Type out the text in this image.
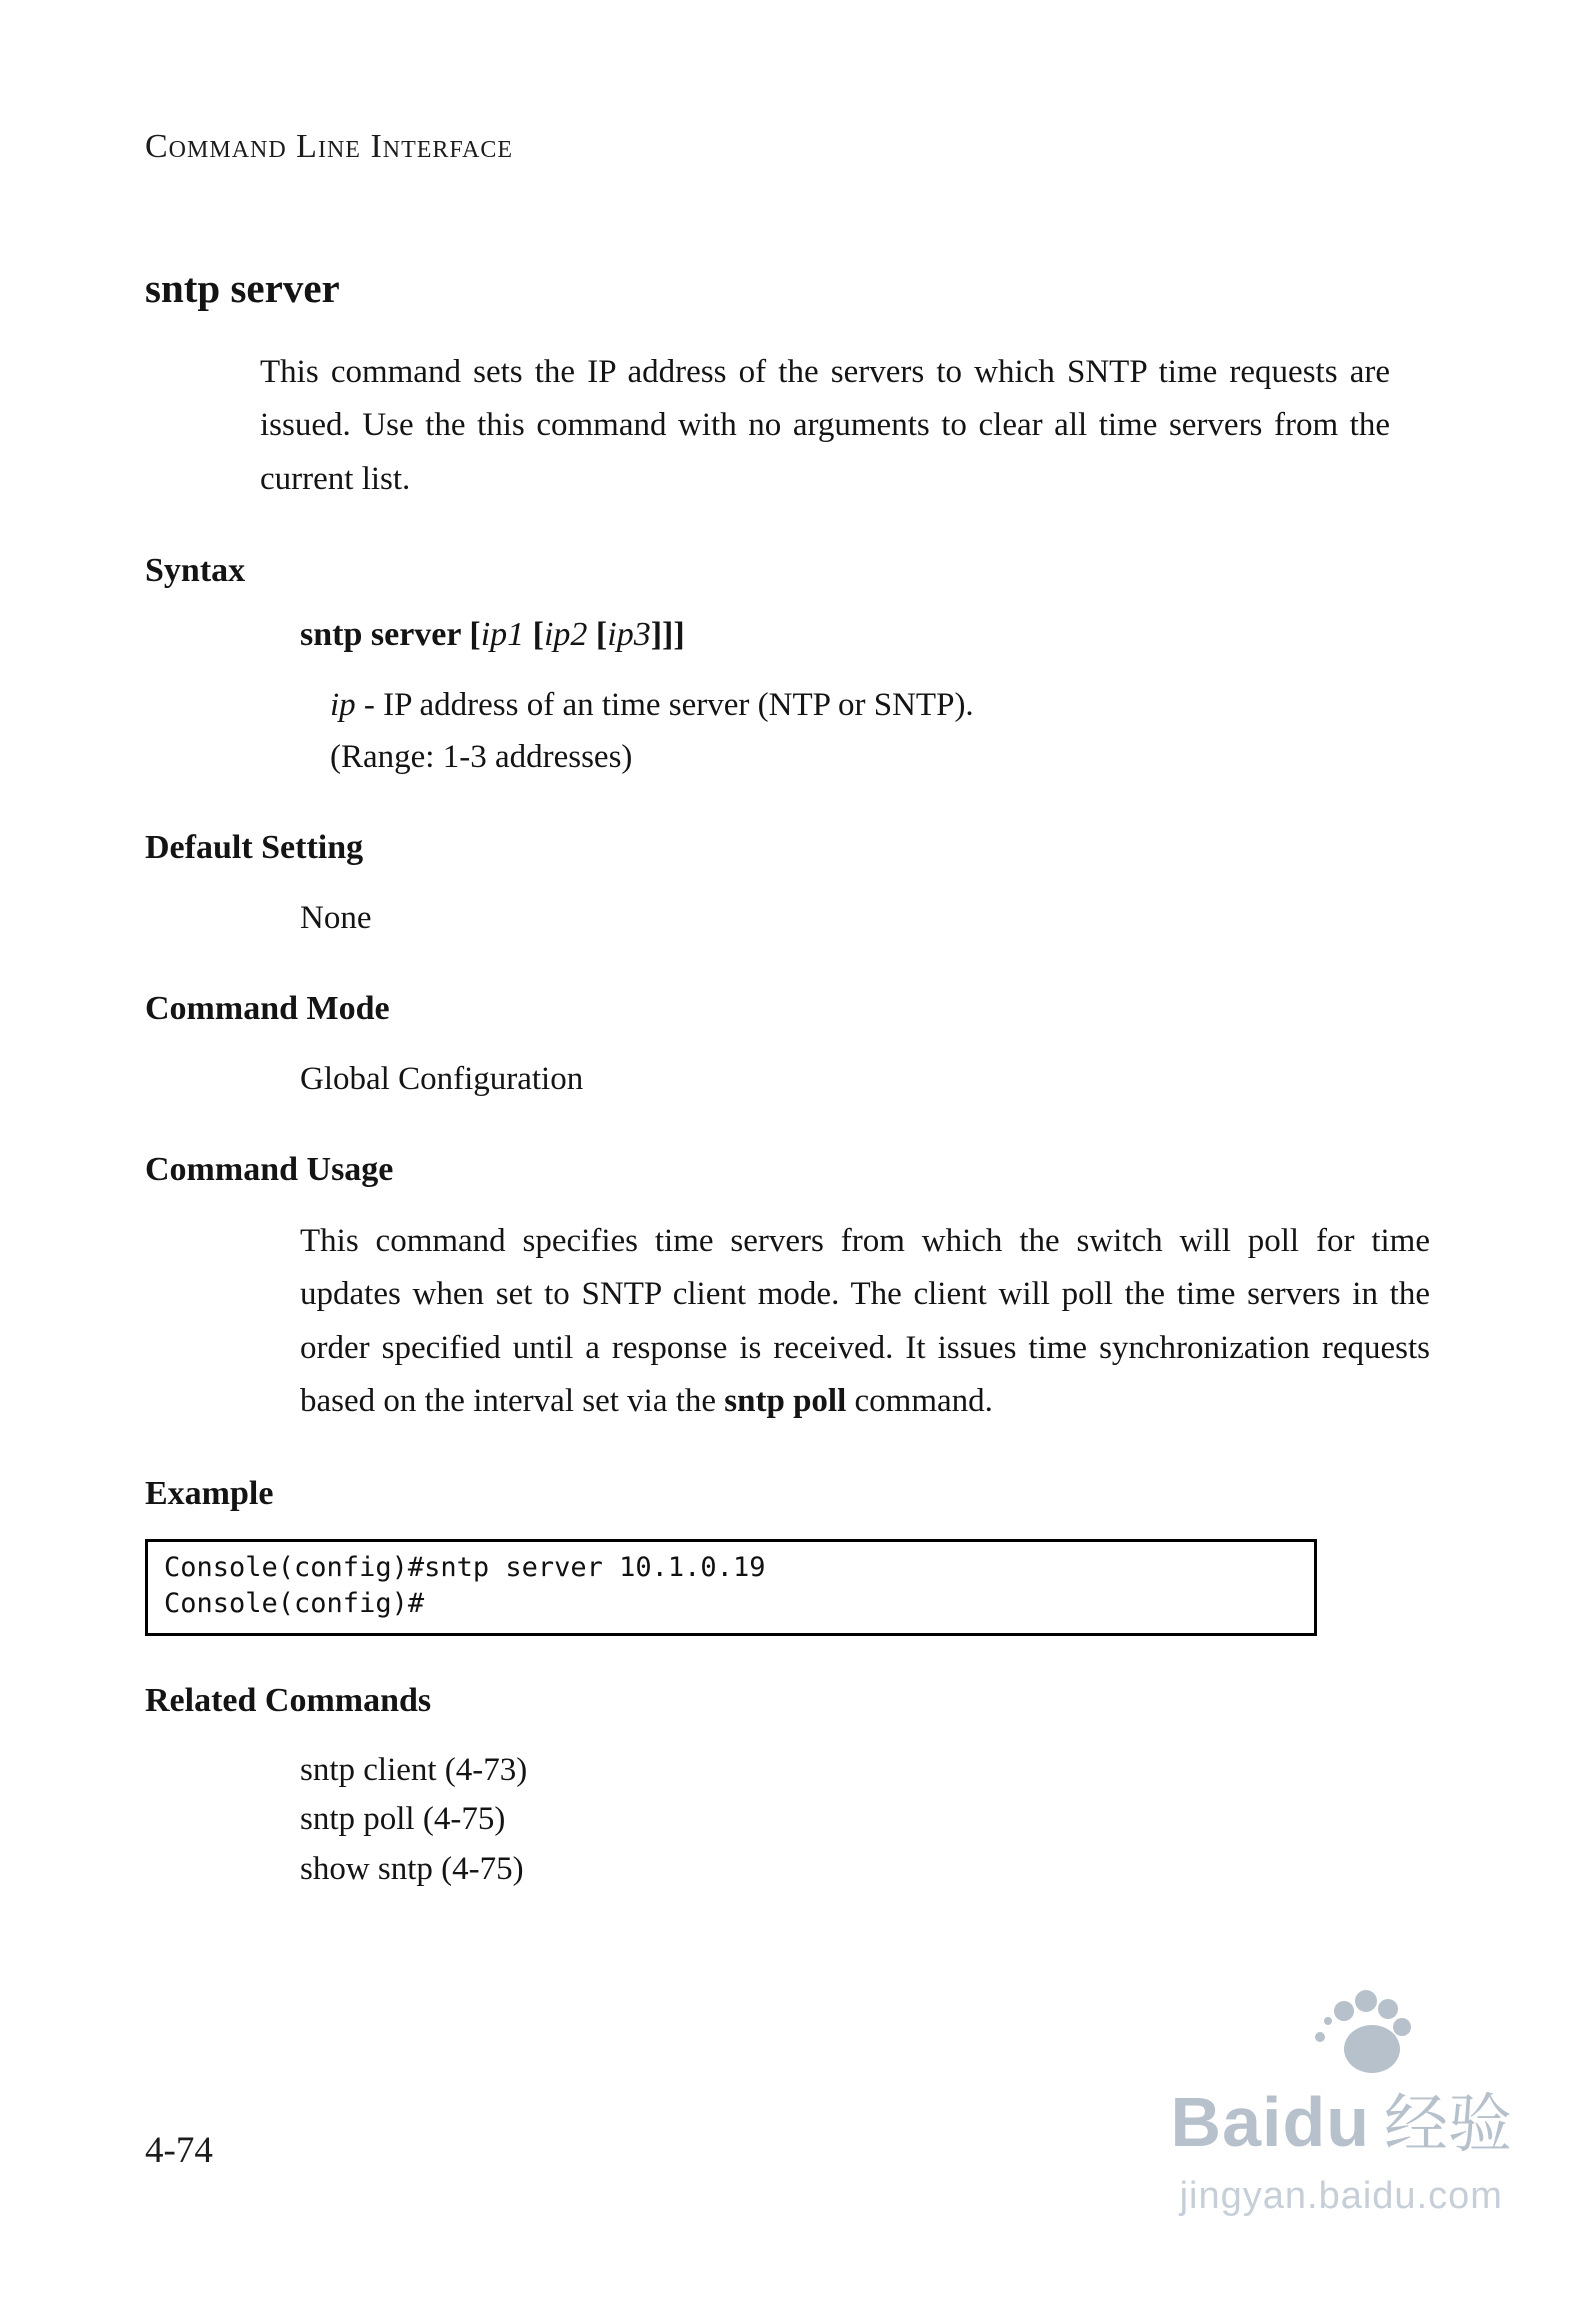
Command Line Interface
sntp server

This command sets the IP address of the servers to which SNTP time requests are issued. Use the this command with no arguments to clear all time servers from the current list.

Syntax
sntp server [ip1 [ip2 [ip3]]]
ip - IP address of an time server (NTP or SNTP).
(Range: 1-3 addresses)
Default Setting
None
Command Mode
Global Configuration
Command Usage

This command specifies time servers from which the switch will poll for time updates when set to SNTP client mode. The client will poll the time servers in the order specified until a response is received. It issues time synchronization requests based on the interval set via the sntp poll command.

Example
Console(config)#sntp server 10.1.0.19
Console(config)#
Related Commands
sntp client (4-73)
sntp poll (4-75)
show sntp (4-75)
4-74	Baidu 经验
jingyan.baidu.com
